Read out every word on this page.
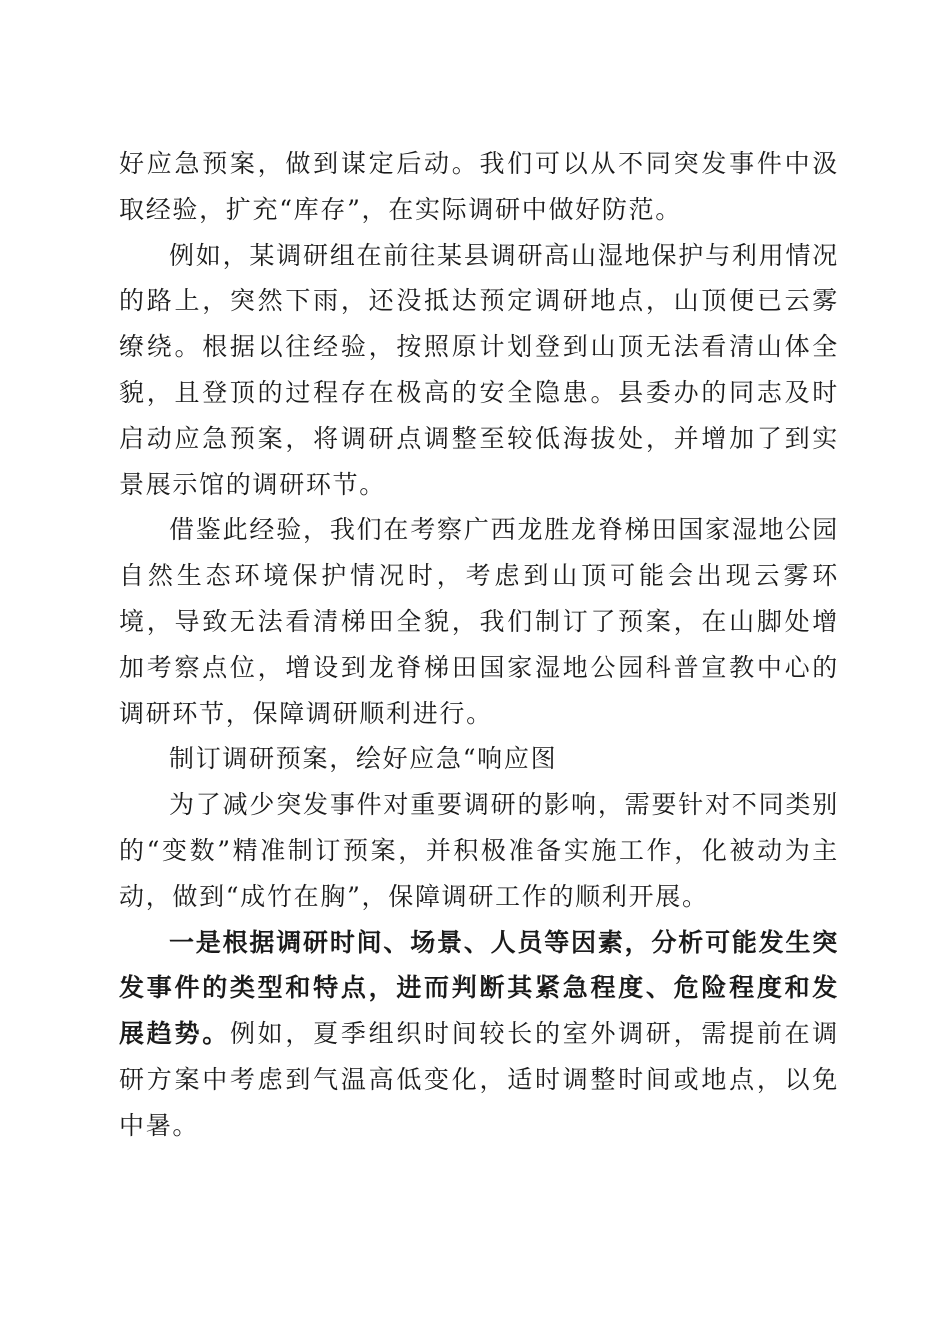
好应急预案，做到谋定后动。我们可以从不同突发事件中汲取经验，扩充“库存”，在实际调研中做好防范。

例如，某调研组在前往某县调研高山湿地保护与利用情况的路上，突然下雨，还没抵达预定调研地点，山顶便已云雾缭绕。根据以往经验，按照原计划登到山顶无法看清山体全貌，且登顶的过程存在极高的安全隐患。县委办的同志及时启动应急预案，将调研点调整至较低海拔处，并增加了到实景展示馆的调研环节。

借鉴此经验，我们在考察广西龙胜龙脊梯田国家湿地公园自然生态环境保护情况时，考虑到山顶可能会出现云雾环境，导致无法看清梯田全貌，我们制订了预案，在山脚处增加考察点位，增设到龙脊梯田国家湿地公园科普宣教中心的调研环节，保障调研顺利进行。

制订调研预案，绘好应急“响应图

为了减少突发事件对重要调研的影响，需要针对不同类别的“变数”精准制订预案，并积极准备实施工作，化被动为主动，做到“成竹在胸”，保障调研工作的顺利开展。

一是根据调研时间、场景、人员等因素，分析可能发生突发事件的类型和特点，进而判断其紧急程度、危险程度和发展趋势。例如，夏季组织时间较长的室外调研，需提前在调研方案中考虑到气温高低变化，适时调整时间或地点，以免中暑。
